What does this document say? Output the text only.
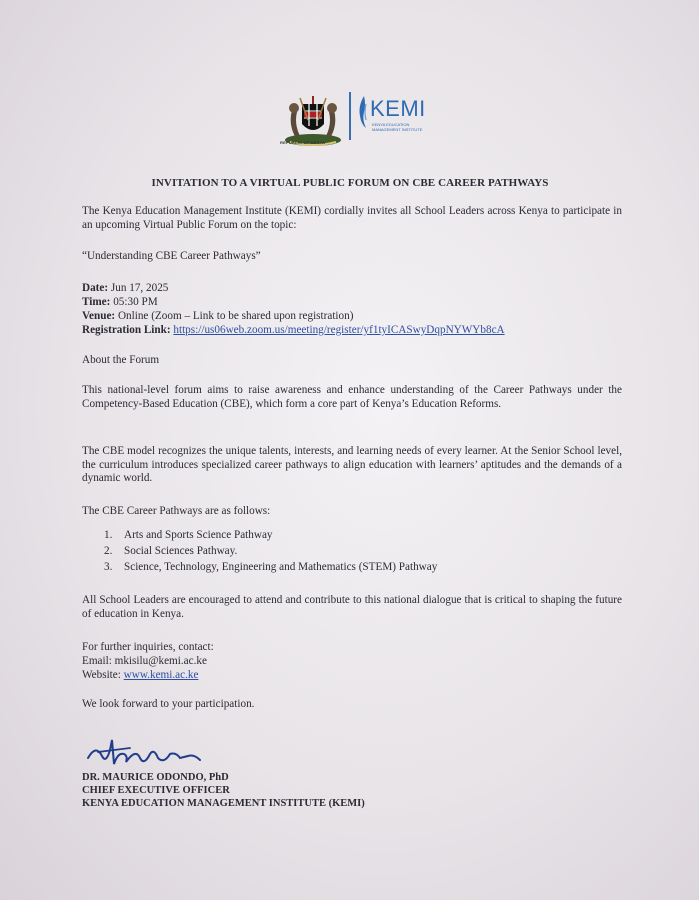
REPUBLIC OF KENYA
KEMI
KENYA EDUCATION MANAGEMENT INSTITUTE
INVITATION TO A VIRTUAL PUBLIC FORUM ON CBE CAREER PATHWAYS
The Kenya Education Management Institute (KEMI) cordially invites all School Leaders across Kenya to participate in an upcoming Virtual Public Forum on the topic:
“Understanding CBE Career Pathways”
Date: Jun 17, 2025
Time: 05:30 PM
Venue: Online (Zoom – Link to be shared upon registration)
Registration Link: https://us06web.zoom.us/meeting/register/yf1tyICASwyDqpNYWYb8cA
About the Forum
This national-level forum aims to raise awareness and enhance understanding of the Career Pathways under the Competency-Based Education (CBE), which form a core part of Kenya’s Education Reforms.
The CBE model recognizes the unique talents, interests, and learning needs of every learner. At the Senior School level, the curriculum introduces specialized career pathways to align education with learners’ aptitudes and the demands of a dynamic world.
The CBE Career Pathways are as follows:
1. Arts and Sports Science Pathway
2. Social Sciences Pathway.
3. Science, Technology, Engineering and Mathematics (STEM) Pathway
All School Leaders are encouraged to attend and contribute to this national dialogue that is critical to shaping the future of education in Kenya.
For further inquiries, contact:
Email: mkisilu@kemi.ac.ke
Website: www.kemi.ac.ke
We look forward to your participation.
DR. MAURICE ODONDO, PhD
CHIEF EXECUTIVE OFFICER
KENYA EDUCATION MANAGEMENT INSTITUTE (KEMI)
